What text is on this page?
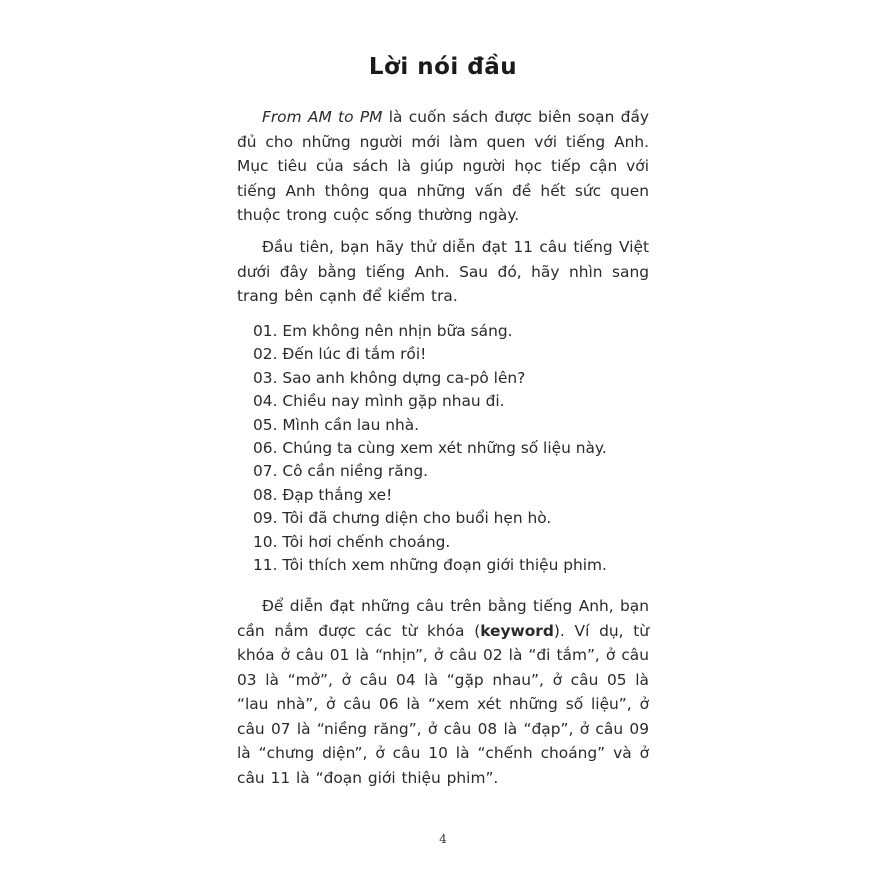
Lời nói đầu

From AM to PM là cuốn sách được biên soạn đầy đủ cho những người mới làm quen với tiếng Anh. Mục tiêu của sách là giúp người học tiếp cận với tiếng Anh thông qua những vấn đề hết sức quen thuộc trong cuộc sống thường ngày.

Đầu tiên, bạn hãy thử diễn đạt 11 câu tiếng Việt dưới đây bằng tiếng Anh. Sau đó, hãy nhìn sang trang bên cạnh để kiểm tra.

01. Em không nên nhịn bữa sáng.
02. Đến lúc đi tắm rồi!
03. Sao anh không dựng ca-pô lên?
04. Chiều nay mình gặp nhau đi.
05. Mình cần lau nhà.
06. Chúng ta cùng xem xét những số liệu này.
07. Cô cần niềng răng.
08. Đạp thắng xe!
09. Tôi đã chưng diện cho buổi hẹn hò.
10. Tôi hơi chếnh choáng.
11. Tôi thích xem những đoạn giới thiệu phim.

Để diễn đạt những câu trên bằng tiếng Anh, bạn cần nắm được các từ khóa (keyword). Ví dụ, từ khóa ở câu 01 là “nhịn”, ở câu 02 là “đi tắm”, ở câu 03 là “mở”, ở câu 04 là “gặp nhau”, ở câu 05 là “lau nhà”, ở câu 06 là “xem xét những số liệu”, ở câu 07 là “niềng răng”, ở câu 08 là “đạp”, ở câu 09 là “chưng diện”, ở câu 10 là “chếnh choáng” và ở câu 11 là “đoạn giới thiệu phim”.

4
